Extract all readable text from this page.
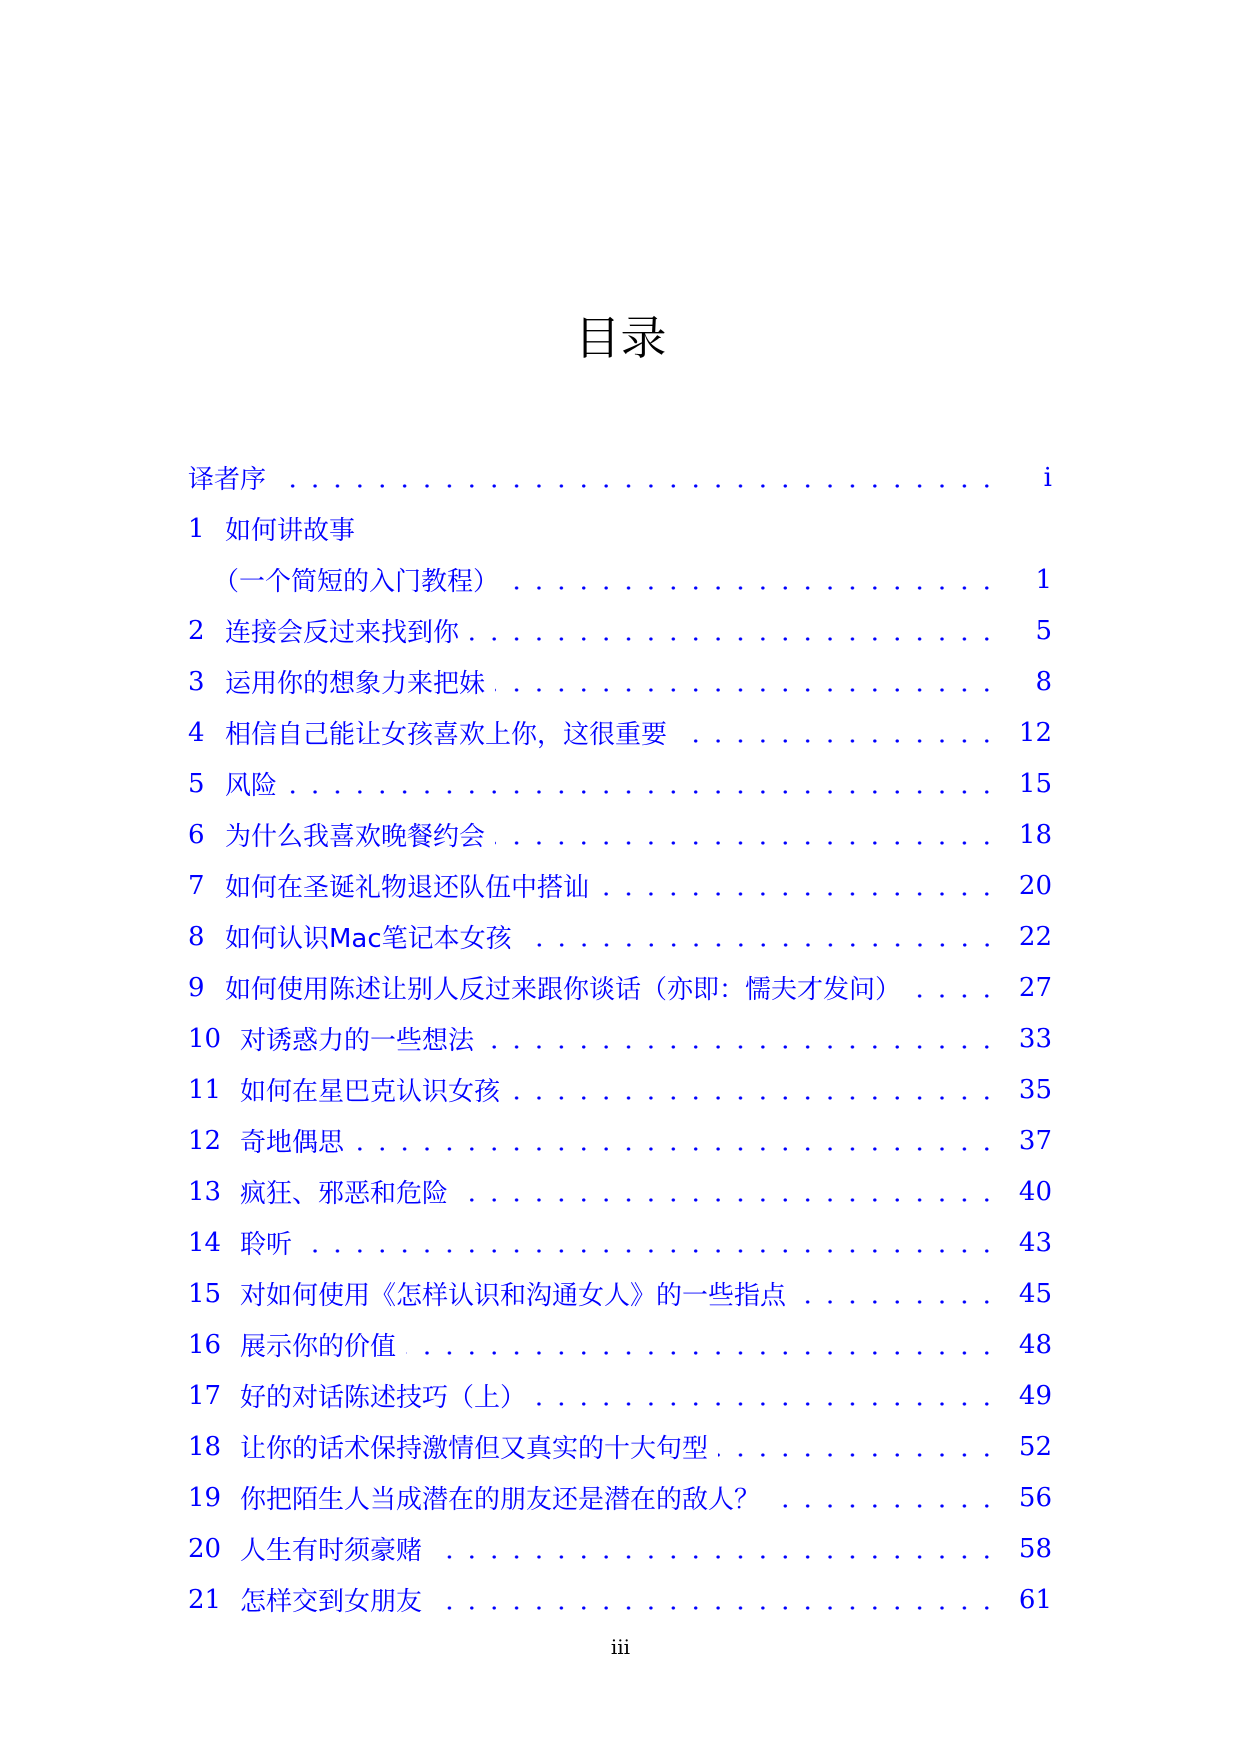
目录
译者序	i
1 如何讲故事
（一个简短的入门教程）	1
2 连接会反过来找到你	5
3 运用你的想象力来把妹	8
4 相信自己能让女孩喜欢上你，这很重要	12
5 风险	15
6 为什么我喜欢晚餐约会	18
7 如何在圣诞礼物退还队伍中搭讪	20
8 如何认识Mac笔记本女孩	22
9 如何使用陈述让别人反过来跟你谈话（亦即：懦夫才发问）	27
10 对诱惑力的一些想法	33
11 如何在星巴克认识女孩	35
12 奇地偶思	37
13 疯狂、邪恶和危险	40
14 聆听	43
15 对如何使用《怎样认识和沟通女人》的一些指点	45
16 展示你的价值	48
17 好的对话陈述技巧（上）	49
18 让你的话术保持激情但又真实的十大句型	52
19 你把陌生人当成潜在的朋友还是潜在的敌人？	56
20 人生有时须豪赌	58
21 怎样交到女朋友	61
iii
